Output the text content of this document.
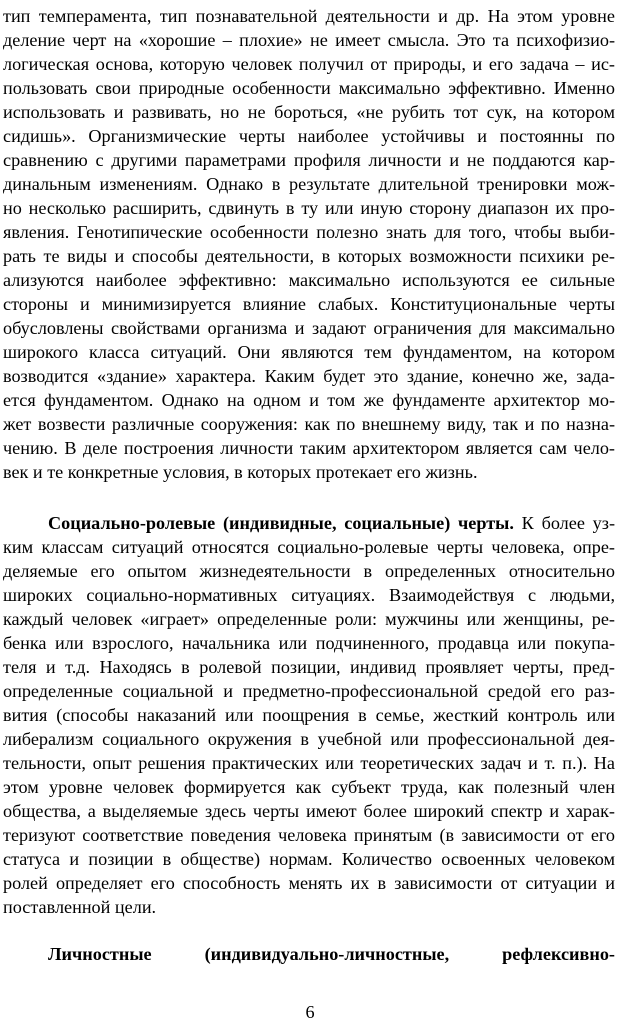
тип темперамента, тип познавательной деятельности и др. На этом уровне
деление черт на «хорошие – плохие» не имеет смысла. Это та психофизио-
логическая основа, которую человек получил от природы, и его задача – ис-
пользовать свои природные особенности максимально эффективно. Именно
использовать и развивать, но не бороться, «не рубить тот сук, на котором
сидишь». Организмические черты наиболее устойчивы и постоянны по
сравнению с другими параметрами профиля личности и не поддаются кар-
динальным изменениям. Однако в результате длительной тренировки мож-
но несколько расширить, сдвинуть в ту или иную сторону диапазон их про-
явления. Генотипические особенности полезно знать для того, чтобы выби-
рать те виды и способы деятельности, в которых возможности психики ре-
ализуются наиболее эффективно: максимально используются ее сильные
стороны и минимизируется влияние слабых. Конституциональные черты
обусловлены свойствами организма и задают ограничения для максимально
широкого класса ситуаций. Они являются тем фундаментом, на котором
возводится «здание» характера. Каким будет это здание, конечно же, зада-
ется фундаментом. Однако на одном и том же фундаменте архитектор мо-
жет возвести различные сооружения: как по внешнему виду, так и по назна-
чению. В деле построения личности таким архитектором является сам чело-
век и те конкретные условия, в которых протекает его жизнь.
Социально-ролевые (индивидные, социальные) черты. К более уз-
ким классам ситуаций относятся социально-ролевые черты человека, опре-
деляемые его опытом жизнедеятельности в определенных относительно
широких социально-нормативных ситуациях. Взаимодействуя с людьми,
каждый человек «играет» определенные роли: мужчины или женщины, ре-
бенка или взрослого, начальника или подчиненного, продавца или покупа-
теля и т.д. Находясь в ролевой позиции, индивид проявляет черты, пред-
определенные социальной и предметно-профессиональной средой его раз-
вития (способы наказаний или поощрения в семье, жесткий контроль или
либерализм социального окружения в учебной или профессиональной дея-
тельности, опыт решения практических или теоретических задач и т. п.). На
этом уровне человек формируется как субъект труда, как полезный член
общества, а выделяемые здесь черты имеют более широкий спектр и харак-
теризуют соответствие поведения человека принятым (в зависимости от его
статуса и позиции в обществе) нормам. Количество освоенных человеком
ролей определяет его способность менять их в зависимости от ситуации и
поставленной цели.
6
Личностные (индивидуально-личностные, рефлексивно-
